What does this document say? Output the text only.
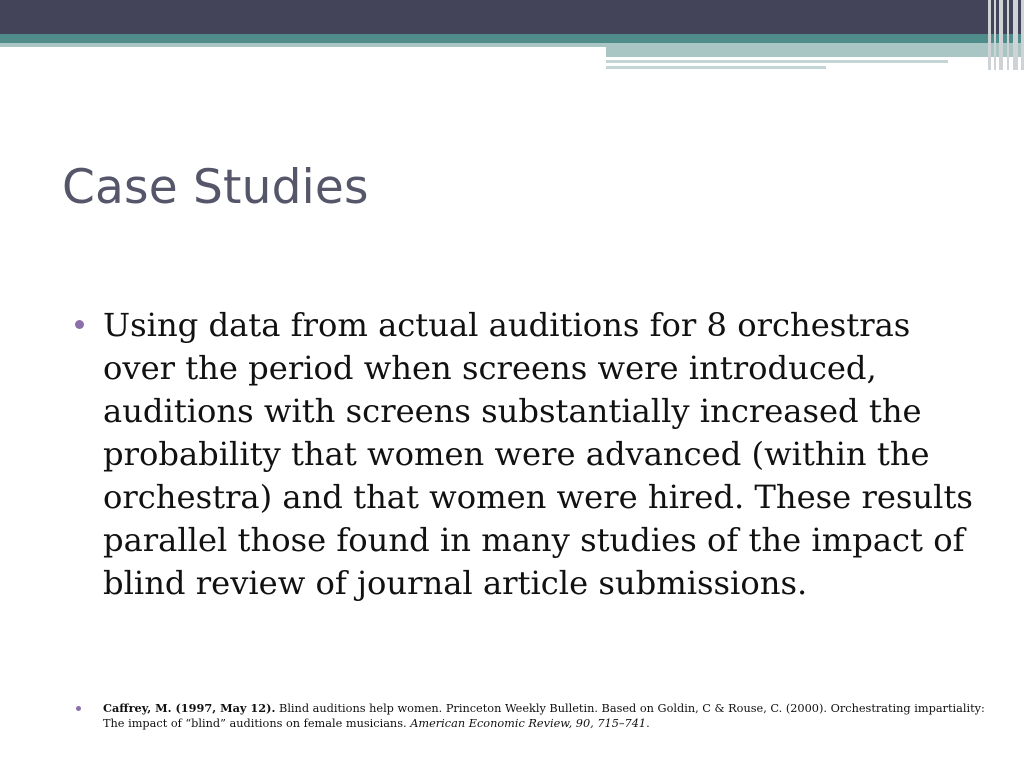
Case Studies
Using data from actual auditions for 8 orchestras over the period when screens were introduced, auditions with screens substantially increased the probability that women were advanced (within the orchestra) and that women were hired. These results parallel those found in many studies of the impact of blind review of journal article submissions.
Caffrey, M. (1997, May 12). Blind auditions help women. Princeton Weekly Bulletin. Based on Goldin, C & Rouse, C. (2000). Orchestrating impartiality: The impact of “blind” auditions on female musicians. American Economic Review, 90, 715–741.
